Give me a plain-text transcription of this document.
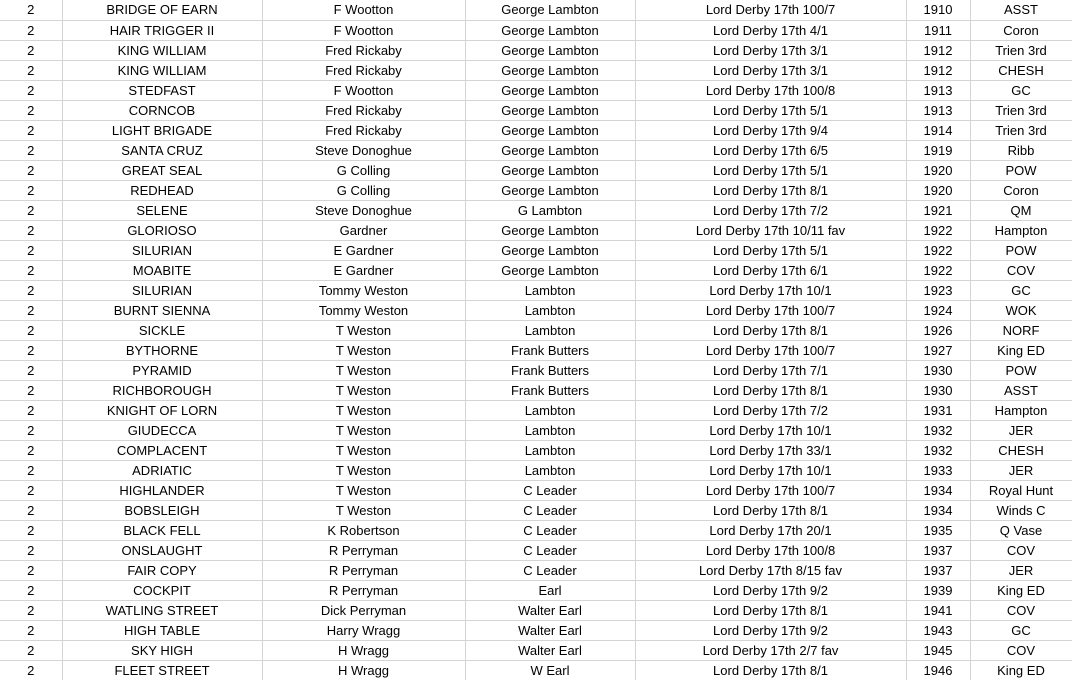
2	BRIDGE OF EARN	F Wootton	George Lambton	Lord Derby 17th 100/7	1910	ASST
2	HAIR TRIGGER II	F Wootton	George Lambton	Lord Derby 17th 4/1	1911	Coron
2	KING WILLIAM	Fred Rickaby	George Lambton	Lord Derby 17th 3/1	1912	Trien 3rd
2	KING WILLIAM	Fred Rickaby	George Lambton	Lord Derby 17th 3/1	1912	CHESH
2	STEDFAST	F Wootton	George Lambton	Lord Derby 17th 100/8	1913	GC
2	CORNCOB	Fred Rickaby	George Lambton	Lord Derby 17th 5/1	1913	Trien 3rd
2	LIGHT BRIGADE	Fred Rickaby	George Lambton	Lord Derby 17th 9/4	1914	Trien 3rd
2	SANTA CRUZ	Steve Donoghue	George Lambton	Lord Derby 17th 6/5	1919	Ribb
2	GREAT SEAL	G Colling	George Lambton	Lord Derby 17th 5/1	1920	POW
2	REDHEAD	G Colling	George Lambton	Lord Derby 17th 8/1	1920	Coron
2	SELENE	Steve Donoghue	G Lambton	Lord Derby 17th 7/2	1921	QM
2	GLORIOSO	Gardner	George Lambton	Lord Derby 17th 10/11 fav	1922	Hampton
2	SILURIAN	E Gardner	George Lambton	Lord Derby 17th 5/1	1922	POW
2	MOABITE	E Gardner	George Lambton	Lord Derby 17th 6/1	1922	COV
2	SILURIAN	Tommy Weston	Lambton	Lord Derby 17th 10/1	1923	GC
2	BURNT SIENNA	Tommy Weston	Lambton	Lord Derby 17th 100/7	1924	WOK
2	SICKLE	T Weston	Lambton	Lord Derby 17th 8/1	1926	NORF
2	BYTHORNE	T Weston	Frank Butters	Lord Derby 17th 100/7	1927	King ED
2	PYRAMID	T Weston	Frank Butters	Lord Derby 17th 7/1	1930	POW
2	RICHBOROUGH	T Weston	Frank Butters	Lord Derby 17th 8/1	1930	ASST
2	KNIGHT OF LORN	T Weston	Lambton	Lord Derby 17th 7/2	1931	Hampton
2	GIUDECCA	T Weston	Lambton	Lord Derby 17th 10/1	1932	JER
2	COMPLACENT	T Weston	Lambton	Lord Derby 17th 33/1	1932	CHESH
2	ADRIATIC	T Weston	Lambton	Lord Derby 17th 10/1	1933	JER
2	HIGHLANDER	T Weston	C Leader	Lord Derby 17th 100/7	1934	Royal Hunt
2	BOBSLEIGH	T Weston	C Leader	Lord Derby 17th 8/1	1934	Winds C
2	BLACK FELL	K Robertson	C Leader	Lord Derby 17th 20/1	1935	Q Vase
2	ONSLAUGHT	R Perryman	C Leader	Lord Derby 17th 100/8	1937	COV
2	FAIR COPY	R Perryman	C Leader	Lord Derby 17th 8/15 fav	1937	JER
2	COCKPIT	R Perryman	Earl	Lord Derby 17th 9/2	1939	King ED
2	WATLING STREET	Dick Perryman	Walter Earl	Lord Derby 17th 8/1	1941	COV
2	HIGH TABLE	Harry Wragg	Walter Earl	Lord Derby 17th 9/2	1943	GC
2	SKY HIGH	H Wragg	Walter Earl	Lord Derby 17th 2/7 fav	1945	COV
2	FLEET STREET	H Wragg	W Earl	Lord Derby 17th 8/1	1946	King ED
